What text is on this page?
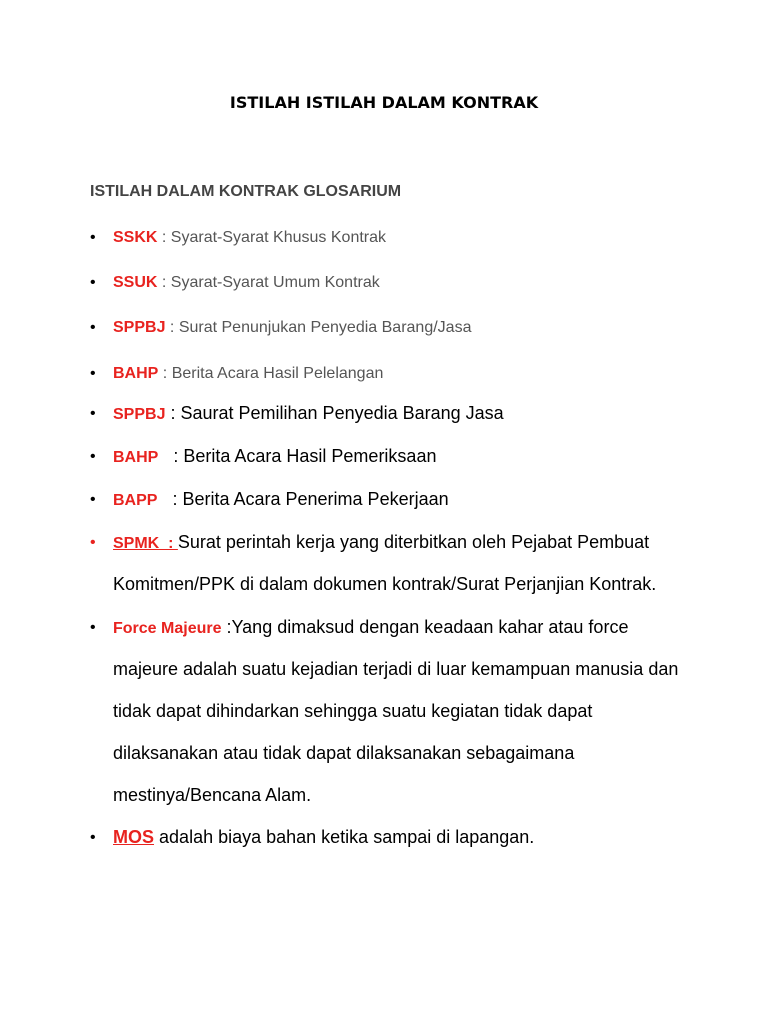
ISTILAH ISTILAH DALAM KONTRAK
ISTILAH DALAM KONTRAK GLOSARIUM
• SSKK : Syarat-Syarat Khusus Kontrak
• SSUK : Syarat-Syarat Umum Kontrak
• SPPBJ : Surat Penunjukan Penyedia Barang/Jasa
• BAHP : Berita Acara Hasil Pelelangan
• SPPBJ : Saurat Pemilihan Penyedia Barang Jasa
• BAHP   : Berita Acara Hasil Pemeriksaan
• BAPP   : Berita Acara Penerima Pekerjaan
• SPMK  : Surat perintah kerja yang diterbitkan oleh Pejabat Pembuat
Komitmen/PPK di dalam dokumen kontrak/Surat Perjanjian Kontrak.
• Force Majeure :Yang dimaksud dengan keadaan kahar atau force
majeure adalah suatu kejadian terjadi di luar kemampuan manusia dan
tidak dapat dihindarkan sehingga suatu kegiatan tidak dapat
dilaksanakan atau tidak dapat dilaksanakan sebagaimana
mestinya/Bencana Alam.
• MOS adalah biaya bahan ketika sampai di lapangan.
